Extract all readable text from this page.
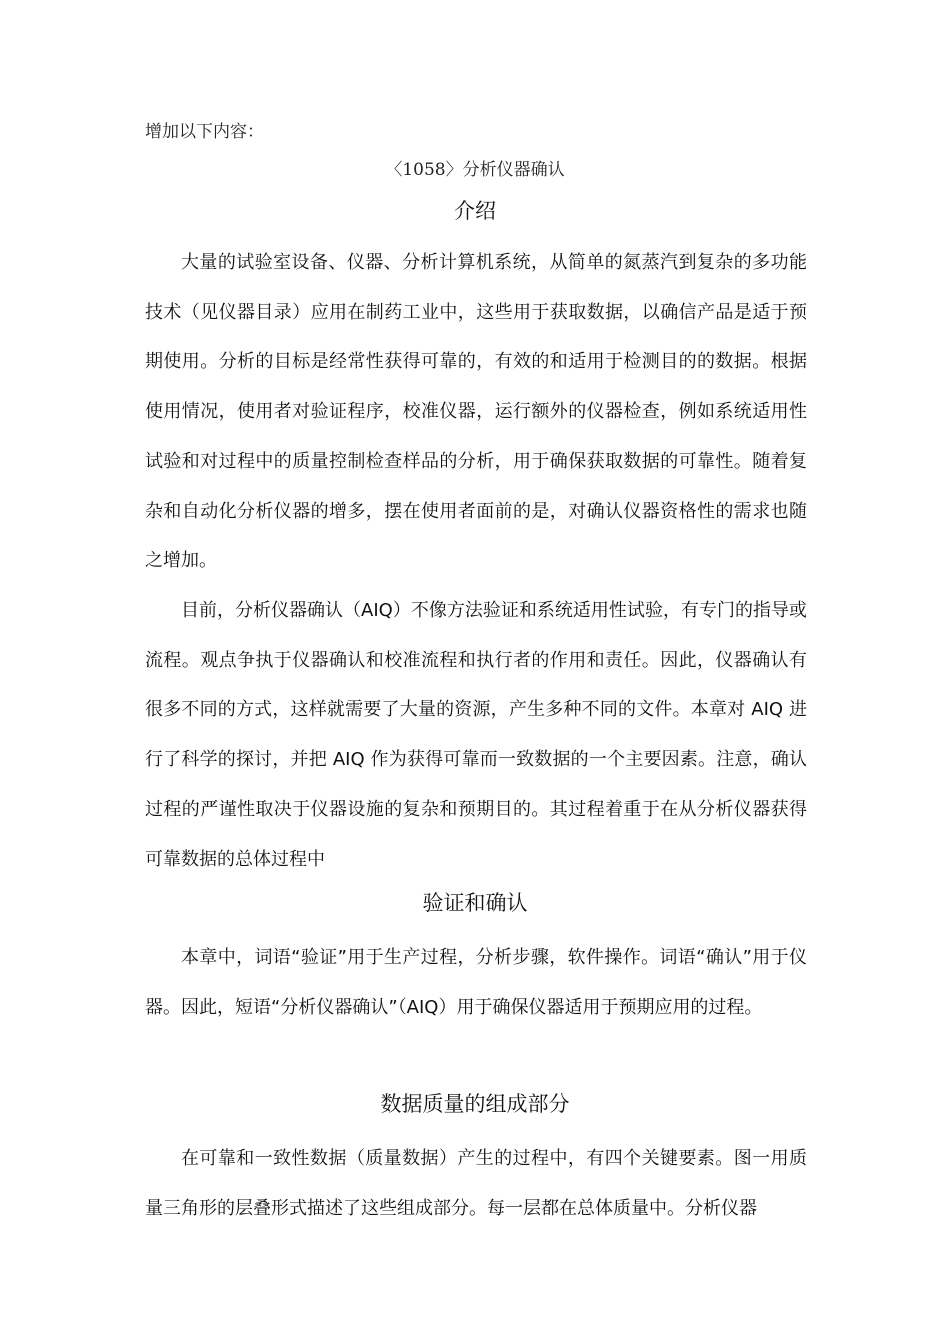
增加以下内容：
〈1058〉分析仪器确认
介绍

大量的试验室设备、仪器、分析计算机系统，从简单的氮蒸汽到复杂的多功能技术（见仪器目录）应用在制药工业中，这些用于获取数据，以确信产品是适于预期使用。分析的目标是经常性获得可靠的，有效的和适用于检测目的的数据。根据使用情况，使用者对验证程序，校准仪器，运行额外的仪器检查，例如系统适用性试验和对过程中的质量控制检查样品的分析，用于确保获取数据的可靠性。随着复杂和自动化分析仪器的增多，摆在使用者面前的是，对确认仪器资格性的需求也随之增加。

目前，分析仪器确认（AIQ）不像方法验证和系统适用性试验，有专门的指导或流程。观点争执于仪器确认和校准流程和执行者的作用和责任。因此，仪器确认有很多不同的方式，这样就需要了大量的资源，产生多种不同的文件。本章对 AIQ 进行了科学的探讨，并把 AIQ 作为获得可靠而一致数据的一个主要因素。注意，确认过程的严谨性取决于仪器设施的复杂和预期目的。其过程着重于在从分析仪器获得可靠数据的总体过程中

验证和确认

本章中，词语“验证”用于生产过程，分析步骤，软件操作。词语“确认”用于仪器。因此，短语“分析仪器确认”（AIQ）用于确保仪器适用于预期应用的过程。

数据质量的组成部分

在可靠和一致性数据（质量数据）产生的过程中，有四个关键要素。图一用质量三角形的层叠形式描述了这些组成部分。每一层都在总体质量中。分析仪器
